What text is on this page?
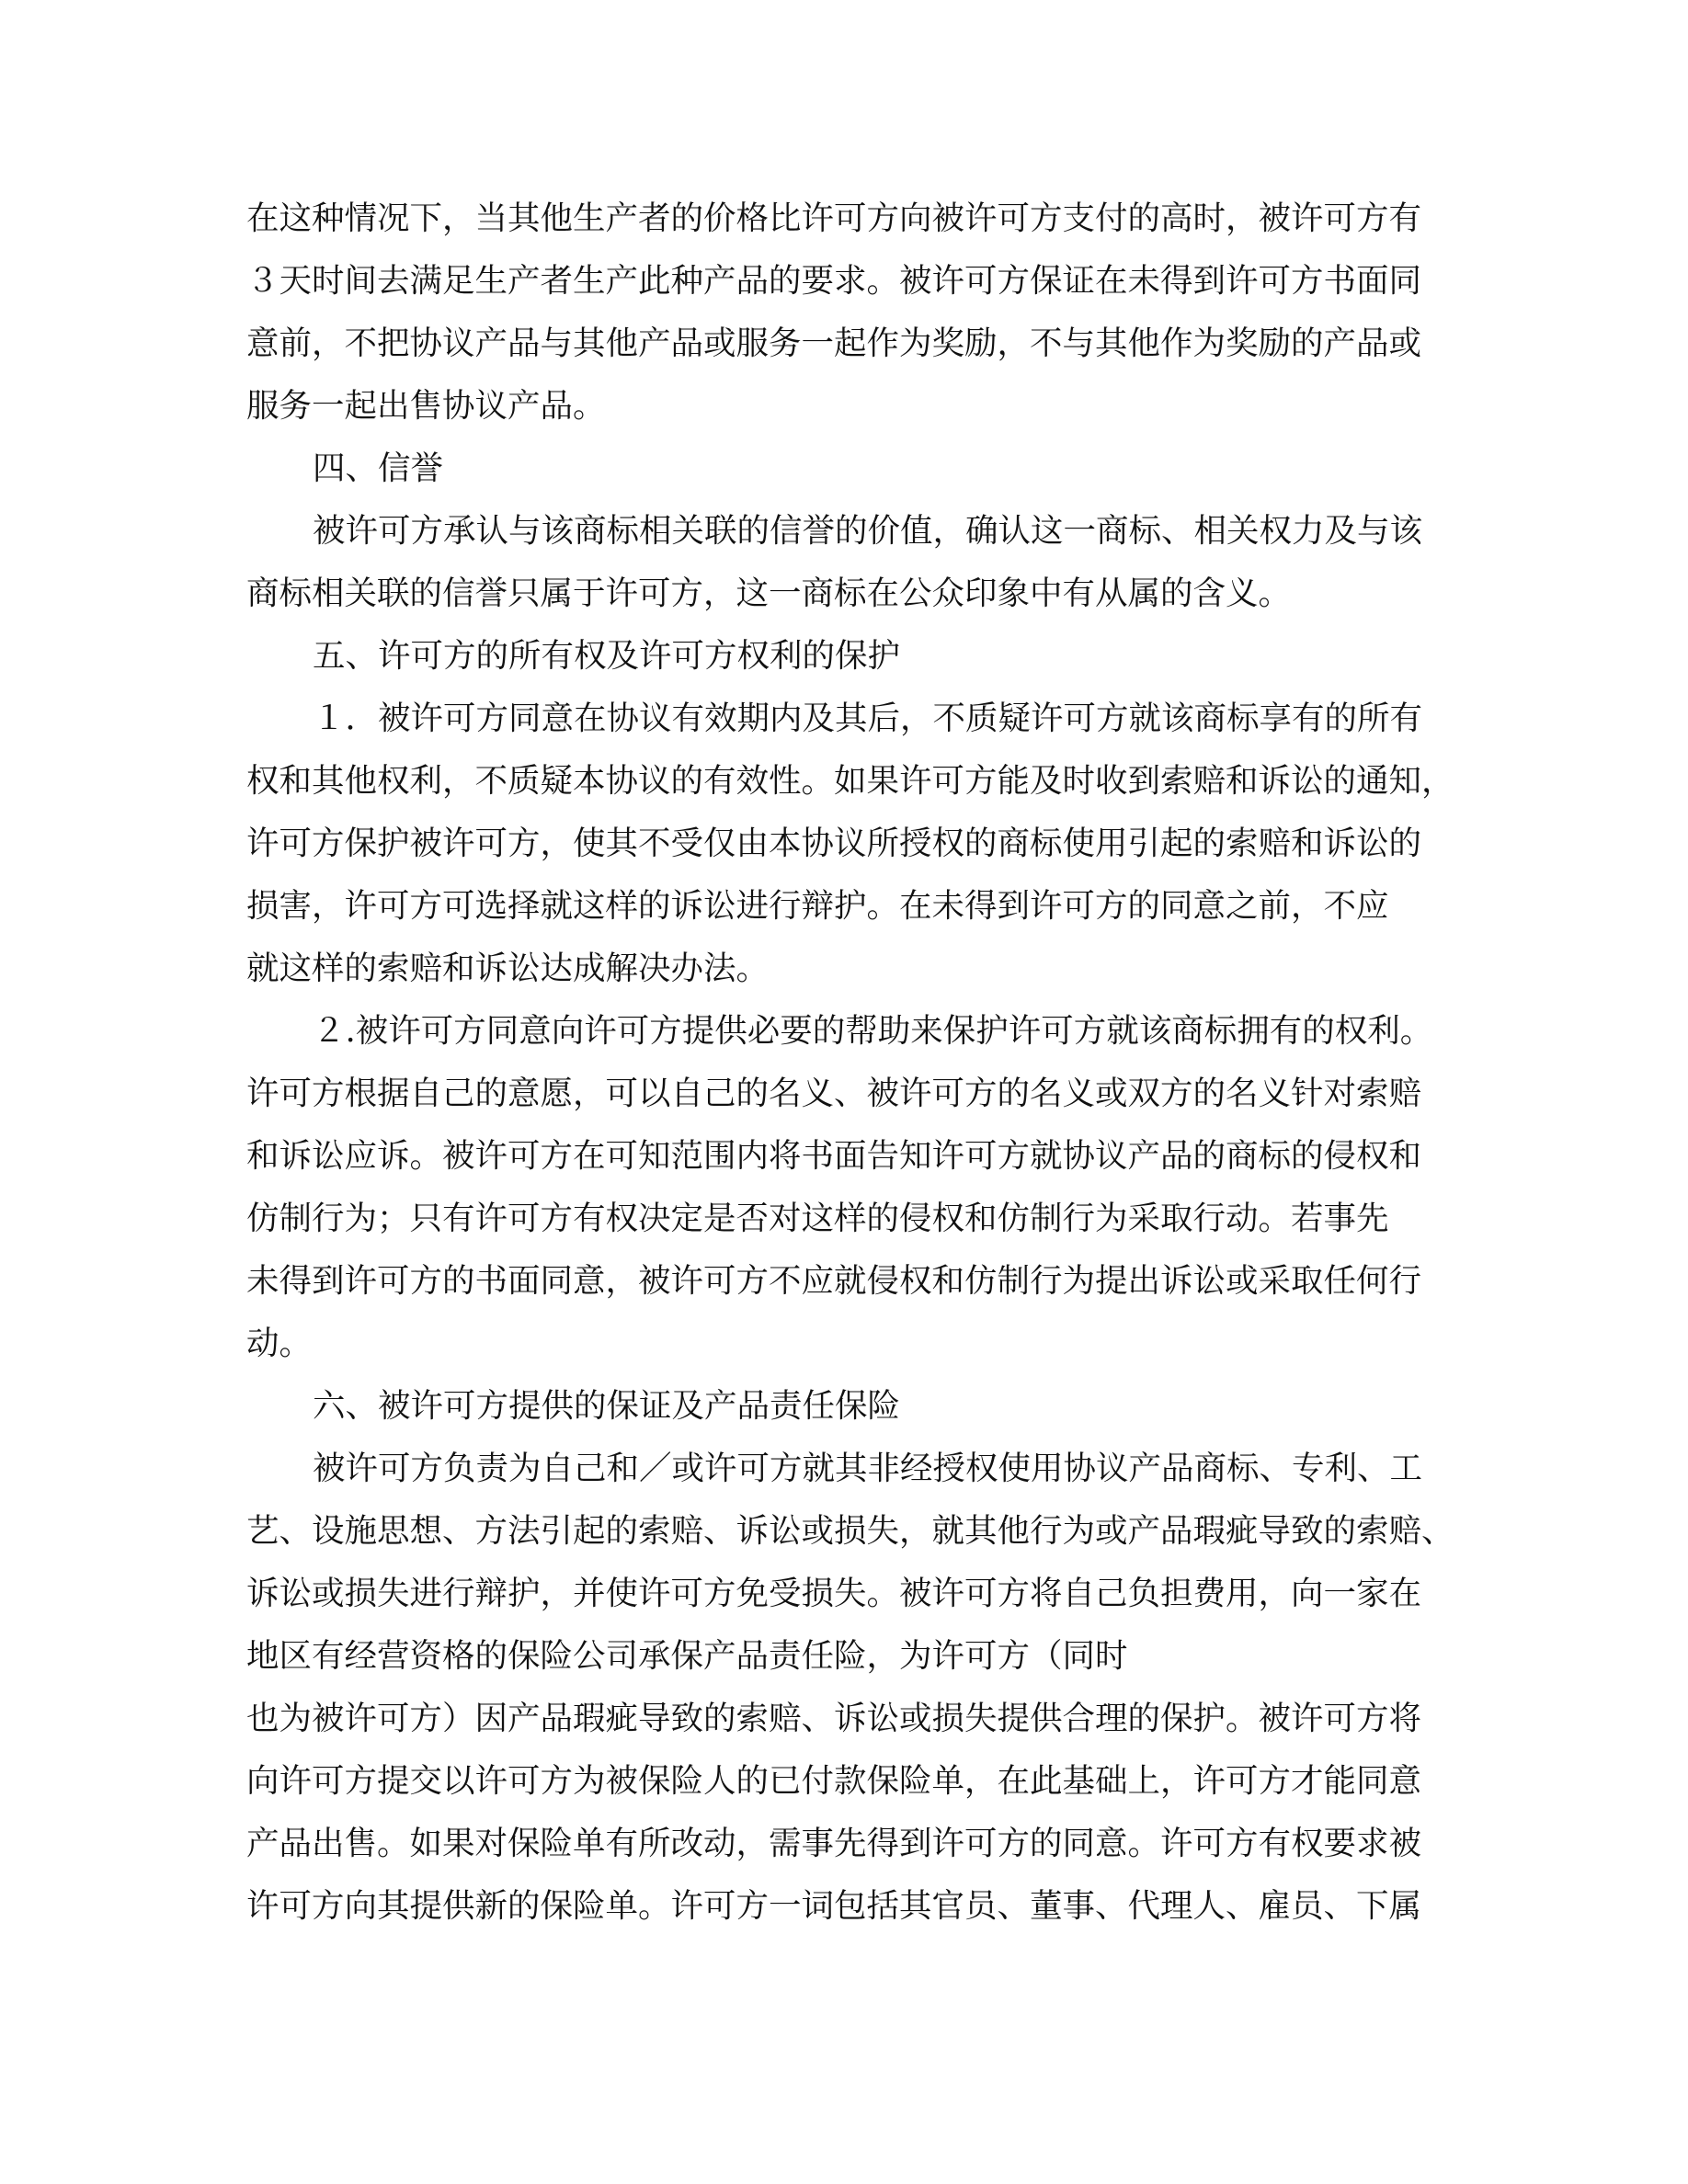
在这种情况下，当其他生产者的价格比许可方向被许可方支付的高时，被许可方有
３天时间去满足生产者生产此种产品的要求。被许可方保证在未得到许可方书面同
意前，不把协议产品与其他产品或服务一起作为奖励，不与其他作为奖励的产品或
服务一起出售协议产品。
四、信誉
被许可方承认与该商标相关联的信誉的价值，确认这一商标、相关权力及与该
商标相关联的信誉只属于许可方，这一商标在公众印象中有从属的含义。
五、许可方的所有权及许可方权利的保护
１．被许可方同意在协议有效期内及其后，不质疑许可方就该商标享有的所有
权和其他权利，不质疑本协议的有效性。如果许可方能及时收到索赔和诉讼的通知，
许可方保护被许可方，使其不受仅由本协议所授权的商标使用引起的索赔和诉讼的
损害，许可方可选择就这样的诉讼进行辩护。在未得到许可方的同意之前，不应
就这样的索赔和诉讼达成解决办法。
２.被许可方同意向许可方提供必要的帮助来保护许可方就该商标拥有的权利。
许可方根据自己的意愿，可以自己的名义、被许可方的名义或双方的名义针对索赔
和诉讼应诉。被许可方在可知范围内将书面告知许可方就协议产品的商标的侵权和
仿制行为；只有许可方有权决定是否对这样的侵权和仿制行为采取行动。若事先
未得到许可方的书面同意，被许可方不应就侵权和仿制行为提出诉讼或采取任何行
动。
六、被许可方提供的保证及产品责任保险
被许可方负责为自己和／或许可方就其非经授权使用协议产品商标、专利、工
艺、设施思想、方法引起的索赔、诉讼或损失，就其他行为或产品瑕疵导致的索赔、
诉讼或损失进行辩护，并使许可方免受损失。被许可方将自己负担费用，向一家在
地区有经营资格的保险公司承保产品责任险，为许可方（同时
也为被许可方）因产品瑕疵导致的索赔、诉讼或损失提供合理的保护。被许可方将
向许可方提交以许可方为被保险人的已付款保险单，在此基础上，许可方才能同意
产品出售。如果对保险单有所改动，需事先得到许可方的同意。许可方有权要求被
许可方向其提供新的保险单。许可方一词包括其官员、董事、代理人、雇员、下属
